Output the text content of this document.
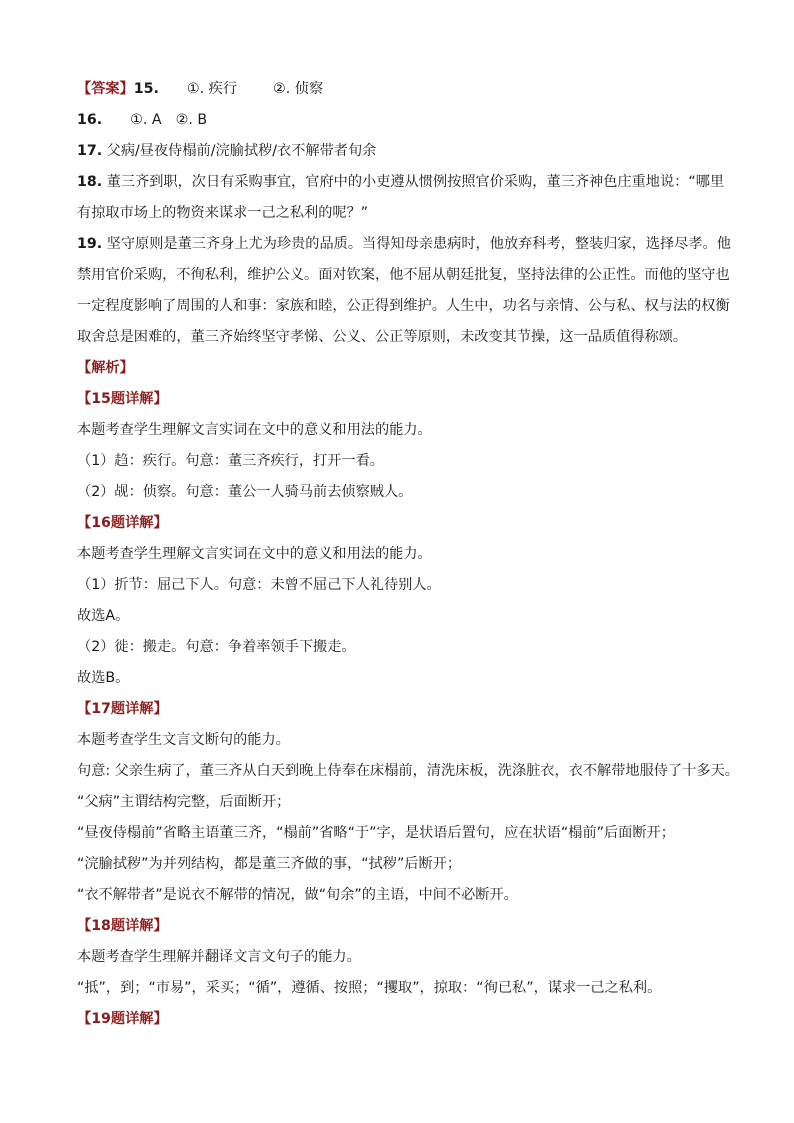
【答案】15. ①. 疾行	②. 侦察

16. ①. A ②. B

17. 父病/昼夜侍榻前/浣腧拭秽/衣不解带者旬余

18. 董三齐到职，次日有采购事宜，官府中的小吏遵从惯例按照官价采购，董三齐神色庄重地说：“哪里

有掠取市场上的物资来谋求一己之私利的呢？”

19. 坚守原则是董三齐身上尤为珍贵的品质。当得知母亲患病时，他放弃科考，整装归家，选择尽孝。他

禁用官价采购，不徇私利，维护公义。面对钦案，他不屈从朝廷批复，坚持法律的公正性。而他的坚守也

一定程度影响了周围的人和事：家族和睦，公正得到维护。人生中，功名与亲情、公与私、权与法的权衡

取舍总是困难的，董三齐始终坚守孝悌、公义、公正等原则，未改变其节操，这一品质值得称颂。

【解析】

【15题详解】

本题考查学生理解文言实词在文中的意义和用法的能力。

（1）趋：疾行。句意：董三齐疾行，打开一看。

（2）觇：侦察。句意：董公一人骑马前去侦察贼人。

【16题详解】

本题考查学生理解文言实词在文中的意义和用法的能力。

（1）折节：屈己下人。句意：未曾不屈己下人礼待别人。

故选A。

（2）徙：搬走。句意：争着率领手下搬走。

故选B。

【17题详解】

本题考查学生文言文断句的能力。

句意: 父亲生病了，董三齐从白天到晚上侍奉在床榻前，清洗床板，洗涤脏衣，衣不解带地服侍了十多天。

“父病”主谓结构完整，后面断开；

“昼夜侍榻前”省略主语董三齐，“榻前”省略“于”字，是状语后置句，应在状语“榻前”后面断开；

“浣腧拭秽”为并列结构，都是董三齐做的事，“拭秽”后断开；

“衣不解带者”是说衣不解带的情况，做“旬余”的主语，中间不必断开。

【18题详解】

本题考查学生理解并翻译文言文句子的能力。

“抵”，到；“市易”，采买；“循”，遵循、按照；“攫取”，掠取：“徇已私”，谋求一己之私利。

【19题详解】
